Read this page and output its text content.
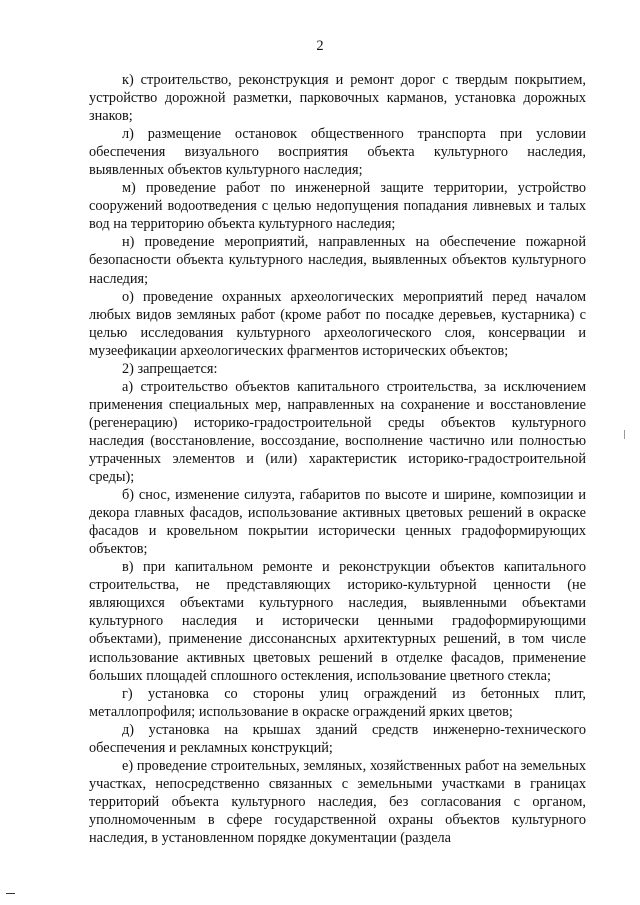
2

к) строительство, реконструкция и ремонт дорог с твердым покрытием, устройство дорожной разметки, парковочных карманов, установка дорожных знаков;

л) размещение остановок общественного транспорта при условии обеспечения визуального восприятия объекта культурного наследия, выявленных объектов культурного наследия;

м) проведение работ по инженерной защите территории, устройство сооружений водоотведения с целью недопущения попадания ливневых и талых вод на территорию объекта культурного наследия;

н) проведение мероприятий, направленных на обеспечение пожарной безопасности объекта культурного наследия, выявленных объектов культурного наследия;

о) проведение охранных археологических мероприятий перед началом любых видов земляных работ (кроме работ по посадке деревьев, кустарника) с целью исследования культурного археологического слоя, консервации и музеефикации археологических фрагментов исторических объектов;

2) запрещается:

а) строительство объектов капитального строительства, за исключением применения специальных мер, направленных на сохранение и восстановление (регенерацию) историко-градостроительной среды объектов культурного наследия (восстановление, воссоздание, восполнение частично или полностью утраченных элементов и (или) характеристик историко-градостроительной среды);

б) снос, изменение силуэта, габаритов по высоте и ширине, композиции и декора главных фасадов, использование активных цветовых решений в окраске фасадов и кровельном покрытии исторически ценных градоформирующих объектов;

в) при капитальном ремонте и реконструкции объектов капитального строительства, не представляющих историко-культурной ценности (не являющихся объектами культурного наследия, выявленными объектами культурного наследия и исторически ценными градоформирующими объектами), применение диссонансных архитектурных решений, в том числе использование активных цветовых решений в отделке фасадов, применение больших площадей сплошного остекления, использование цветного стекла;

г) установка со стороны улиц ограждений из бетонных плит, металлопрофиля; использование в окраске ограждений ярких цветов;

д) установка на крышах зданий средств инженерно-технического обеспечения и рекламных конструкций;

е) проведение строительных, земляных, хозяйственных работ на земельных участках, непосредственно связанных с земельными участками в границах территорий объекта культурного наследия, без согласования с органом, уполномоченным в сфере государственной охраны объектов культурного наследия, в установленном порядке документации (раздела
